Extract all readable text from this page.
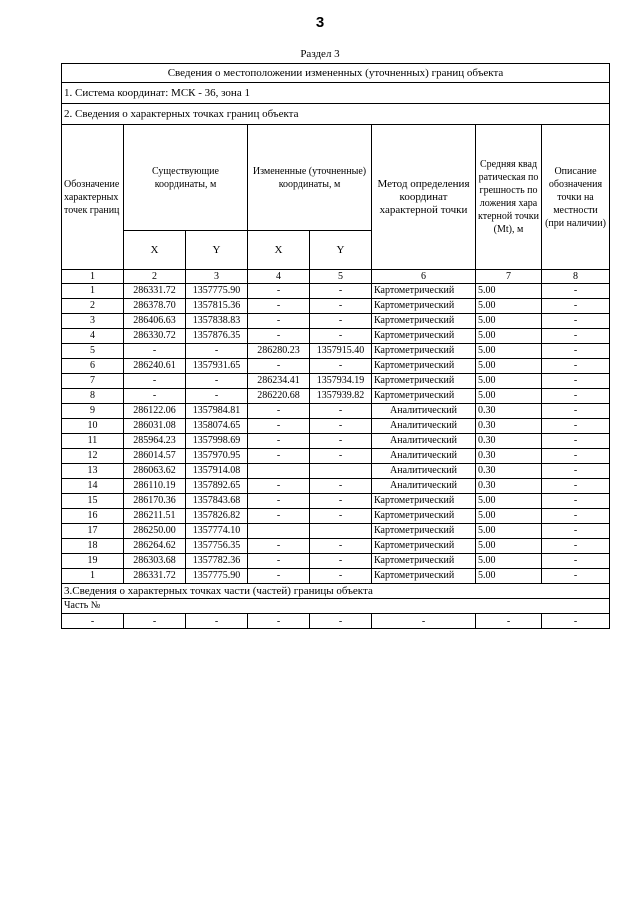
3
Раздел 3
Сведения о местоположении измененных (уточненных) границ объекта							
1. Система координат: МСК - 36, зона 1							
2. Сведения о характерных точках границ объекта							
Обозначение характерных точек границ	Существующие координаты, м		Измененные (уточненные) координаты, м		Метод определения координат характерной точки	Средняя квадратическая погрешность положения характерной точки (Mt), м	Описание обозначения точки на местности (при наличии)
	X	Y	X	Y			
1	2	3	4	5	6	7	8
1	286331.72	1357775.90	-	-	Картометрический	5.00	-
2	286378.70	1357815.36	-	-	Картометрический	5.00	-
3	286406.63	1357838.83	-	-	Картометрический	5.00	-
4	286330.72	1357876.35	-	-	Картометрический	5.00	-
5	-	-	286280.23	1357915.40	Картометрический	5.00	-
6	286240.61	1357931.65	-	-	Картометрический	5.00	-
7	-	-	286234.41	1357934.19	Картометрический	5.00	-
8	-	-	286220.68	1357939.82	Картометрический	5.00	-
9	286122.06	1357984.81	-	-	Аналитический	0.30	-
10	286031.08	1358074.65	-	-	Аналитический	0.30	-
11	285964.23	1357998.69	-	-	Аналитический	0.30	-
12	286014.57	1357970.95	-	-	Аналитический	0.30	-
13	286063.62	1357914.08			Аналитический	0.30	-
14	286110.19	1357892.65	-	-	Аналитический	0.30	-
15	286170.36	1357843.68	-	-	Картометрический	5.00	-
16	286211.51	1357826.82	-	-	Картометрический	5.00	-
17	286250.00	1357774.10			Картометрический	5.00	-
18	286264.62	1357756.35	-	-	Картометрический	5.00	-
19	286303.68	1357782.36	-	-	Картометрический	5.00	-
1	286331.72	1357775.90	-	-	Картометрический	5.00	-
3.Сведения о характерных точках части (частей) границы объекта							
Часть №							
-	-	-	-	-	-	-	-
